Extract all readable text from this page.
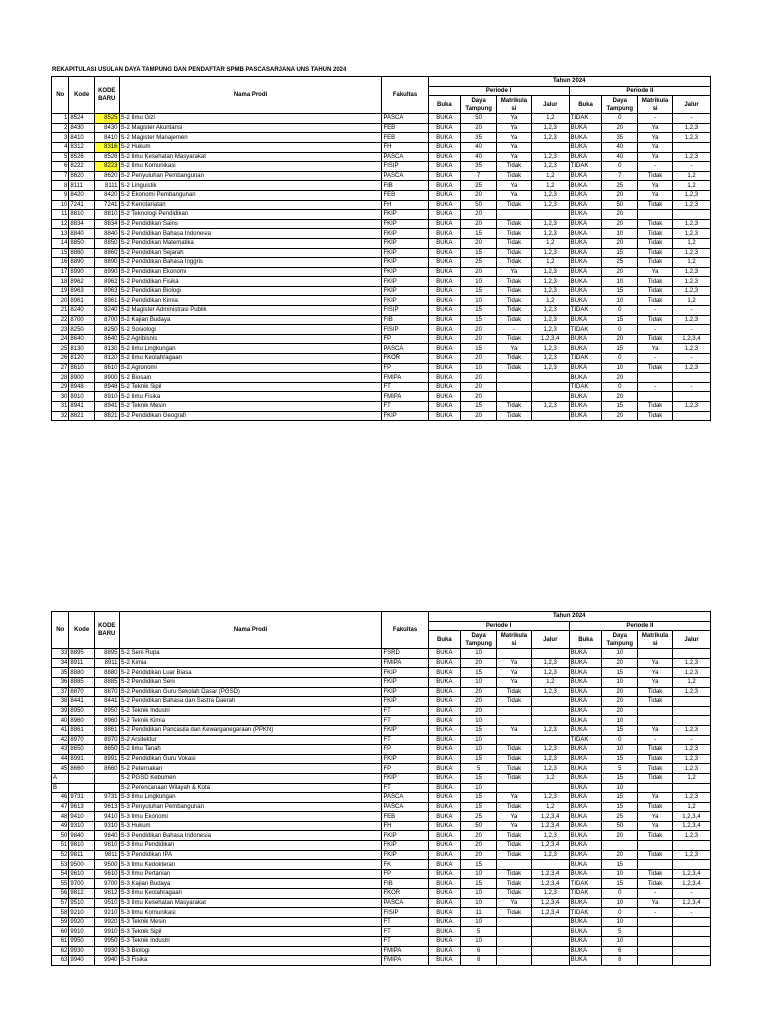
REKAPITULASI USULAN DAYA TAMPUNG DAN PENDAFTAR SPMB PASCASARJANA UNS TAHUN 2024
No	Kode	KODE BARU	Nama Prodi	Fakultas	Tahun 2024							
					Periode I				Periode II			
					Buka	Daya Tampung	Matrikula si	Jalur	Buka	Daya Tampung	Matrikula si	Jalur
1	8524	8525	S-2 Ilmu Gizi	PASCA	BUKA	50	Ya	1,2	TIDAK	0	-	-
2	8430	8430	S-2 Magister Akuntansi	FEB	BUKA	20	Ya	1,2,3	BUKA	20	Ya	1,2,3
3	8410	8410	S-2 Magister Manajemen	FEB	BUKA	35	Ya	1,2,3	BUKA	35	Ya	1,2,3
4	8312	8316	S-2 Hukum	FH	BUKA	40	Ya		BUKA	40	Ya	
5	8526	8526	S-2 Ilmu Kesehatan Masyarakat	PASCA	BUKA	40	Ya	1,2,3	BUKA	40	Ya	1,2,3
6	8222	8223	S-2 Ilmu Komunikasi	FISIP	BUKA	35	Tidak	1,2,3	TIDAK	0	-	-
7	8620	8620	S-2 Penyuluhan Pembangunan	PASCA	BUKA	7	Tidak	1,2	BUKA	7	Tidak	1,2
8	8111	8111	S-2 Linguistik	FIB	BUKA	25	Ya	1,2	BUKA	25	Ya	1,2
9	8420	8420	S-2 Ekonomi Pembangunan	FEB	BUKA	20	Ya	1,2,3	BUKA	20	Ya	1,2,3
10	7241	7241	S-2 Kenotariatan	FH	BUKA	50	Tidak	1,2,3	BUKA	50	Tidak	1,2,3
11	8810	8810	S-2 Teknologi Pendidikan	FKIP	BUKA	20			BUKA	20		
12	8834	8834	S-2 Pendidikan Sains	FKIP	BUKA	20	Tidak	1,2,3	BUKA	20	Tidak	1,2,3
13	8840	8840	S-2 Pendidikan Bahasa Indonesia	FKIP	BUKA	15	Tidak	1,2,3	BUKA	10	Tidak	1,2,3
14	8850	8850	S-2 Pendidikan Matematika	FKIP	BUKA	20	Tidak	1,2	BUKA	20	Tidak	1,2
15	8860	8860	S-2 Pendidikan Sejarah	FKIP	BUKA	15	Tidak	1,2,3	BUKA	15	Tidak	1,2,3
16	8890	8890	S-2 Pendidikan Bahasa Inggris	FKIP	BUKA	25	Tidak	1,2	BUKA	25	Tidak	1,2
17	8990	8990	S-2 Pendidikan Ekonomi	FKIP	BUKA	20	Ya	1,2,3	BUKA	20	Ya	1,2,3
18	8962	8962	S-2 Pendidikan Fisika	FKIP	BUKA	10	Tidak	1,2,3	BUKA	10	Tidak	1,2,3
19	8963	8963	S-2 Pendidikan Biologi	FKIP	BUKA	15	Tidak	1,2,3	BUKA	15	Tidak	1,2,3
20	8961	8961	S-2 Pendidikan Kimia	FKIP	BUKA	10	Tidak	1,2	BUKA	10	Tidak	1,2
21	8240	8240	S-2 Magister Administrasi Publik	FISIP	BUKA	15	Tidak	1,2,3	TIDAK	0	-	-
22	8700	8700	S-2 Kajian Budaya	FIB	BUKA	15	Tidak	1,2,3	BUKA	15	Tidak	1,2,3
23	8250	8250	S-2 Sosiologi	FISIP	BUKA	20	-	1,2,3	TIDAK	0	-	-
24	8640	8640	S-2 Agribisnis	FP	BUKA	20	Tidak	1,2,3,4	BUKA	20	Tidak	1,2,3,4
25	8130	8130	S-2 Ilmu Lingkungan	PASCA	BUKA	15	Ya	1,2,3	BUKA	15	Ya	1,2,3
26	8120	8120	S-2 Ilmu Keolahragaan	FKOR	BUKA	20	Tidak	1,2,3	TIDAK	0	-	-
27	8610	8610	S-2 Agronomi	FP	BUKA	10	Tidak	1,2,3	BUKA	10	Tidak	1,2,3
28	8900	8900	S-2 Biosain	FMIPA	BUKA	20			BUKA	20		
29	8948	8948	S-2 Teknik Sipil	FT	BUKA	20			TIDAK	0	-	-
30	8910	8910	S-2 Ilmu Fisika	FMIPA	BUKA	20			BUKA	20		
31	8941	8941	S-2 Teknik Mesin	FT	BUKA	15	Tidak	1,2,3	BUKA	15	Tidak	1,2,3
32	8821	8821	S-2 Pendidikan Geografi	FKIP	BUKA	20	Tidak		BUKA	20	Tidak	
No	Kode	KODE BARU	Nama Prodi	Fakultas	Tahun 2024							
					Periode I				Periode II			
					Buka	Daya Tampung	Matrikula si	Jalur	Buka	Daya Tampung	Matrikula si	Jalur
33	8895	8895	S-2 Seni Rupa	FSRD	BUKA	10			BUKA	10		
34	8911	8911	S-2 Kimia	FMIPA	BUKA	20	Ya	1,2,3	BUKA	20	Ya	1,2,3
35	8880	8880	S-2 Pendidikan Luar Biasa	FKIP	BUKA	15	Ya	1,2,3	BUKA	15	Ya	1,2,3
36	8885	8885	S-2 Pendidikan Seni	FKIP	BUKA	10	Ya	1,2	BUKA	10	Ya	1,2
37	8870	8870	S-2 Pendidikan Guru Sekolah Dasar (PGSD)	FKIP	BUKA	20	Tidak	1,2,3	BUKA	20	Tidak	1,2,3
38	8441	8441	S-2 Pendidikan Bahasa dan Sastra Daerah	FKIP	BUKA	20	Tidak		BUKA	20	Tidak	
39	8950	8950	S-2 Teknik Industri	FT	BUKA	20			BUKA	20		
40	8960	8960	S-2 Teknik Kimia	FT	BUKA	10			BUKA	10		
41	8861	8861	S-2 Pendidikan Pancasila dan Kewarganegaraan (PPKN)	FKIP	BUKA	15	Ya	1,2,3	BUKA	15	Ya	1,2,3
42	8970	8970	S-2 Arsitektur	FT	BUKA	10			TIDAK	0	-	-
43	8650	8650	S-2 Ilmu Tanah	FP	BUKA	10	Tidak	1,2,3	BUKA	10	Tidak	1,2,3
44	8991	8991	S-2 Pendidikan Guru Vokasi	FKIP	BUKA	15	Tidak	1,2,3	BUKA	15	Tidak	1,2,3
45	8660	8660	S-2 Peternakan	FP	BUKA	5	Tidak	1,2,3	BUKA	5	Tidak	1,2,3
A			S-2 PGSD Kebumen	FKIP	BUKA	15	Tidak	1,2	BUKA	15	Tidak	1,2
B			S-2 Perencanaan Wilayah & Kota	FT	BUKA	10			BUKA	10		
46	9731	9731	S-3 Ilmu Lingkungan	PASCA	BUKA	15	Ya	1,2,3	BUKA	15	Ya	1,2,3
47	9613	9613	S-3 Penyuluhan Pembangunan	PASCA	BUKA	15	Tidak	1,2	BUKA	15	Tidak	1,2
48	9410	9410	S-3 Ilmu Ekonomi	FEB	BUKA	25	Ya	1,2,3,4	BUKA	25	Ya	1,2,3,4
49	9310	9310	S-3 Hukum	FH	BUKA	50	Ya	1,2,3,4	BUKA	50	Ya	1,2,3,4
50	9840	9840	S-3 Pendidikan Bahasa Indonesia	FKIP	BUKA	20	Tidak	1,2,3	BUKA	20	Tidak	1,2,3
51	9810	9810	S-3 Ilmu Pendidikan	FKIP	BUKA	20	Tidak	1,2,3,4	BUKA			
52	9811	9811	S-3 Pendidikan IPA	FKIP	BUKA	20	Tidak	1,2,3	BUKA	20	Tidak	1,2,3
53	9500	9500	S-3 Ilmu Kedokteran	FK	BUKA	15			BUKA	15		
54	9610	9610	S-3 Ilmu Pertanian	FP	BUKA	10	Tidak	1,2,3,4	BUKA	10	Tidak	1,2,3,4
55	9700	9700	S-3 Kajian Budaya	FIB	BUKA	15	Tidak	1,2,3,4	TIDAK	15	Tidak	1,2,3,4
56	9812	9812	S-3 Ilmu Keolahragaan	FKOR	BUKA	10	Tidak	1,2,3	TIDAK	0	-	-
57	9510	9510	S-3 Ilmu Kesehatan Masyarakat	PASCA	BUKA	10	Ya	1,2,3,4	BUKA	10	Ya	1,2,3,4
58	9210	9210	S-3 Ilmu Komunikasi	FISIP	BUKA	11	Tidak	1,2,3,4	TIDAK	0	-	-
59	9920	9920	S-3 Teknik Mesin	FT	BUKA	10			BUKA	10		
60	9910	9910	S-3 Teknik Sipil	FT	BUKA	5			BUKA	5		
61	9950	9950	S-3 Teknik Industri	FT	BUKA	10			BUKA	10		
62	9930	9930	S-3 Biologi	FMIPA	BUKA	6			BUKA	6		
63	9940	9940	S-3 Fisika	FMIPA	BUKA	8			BUKA	8		
